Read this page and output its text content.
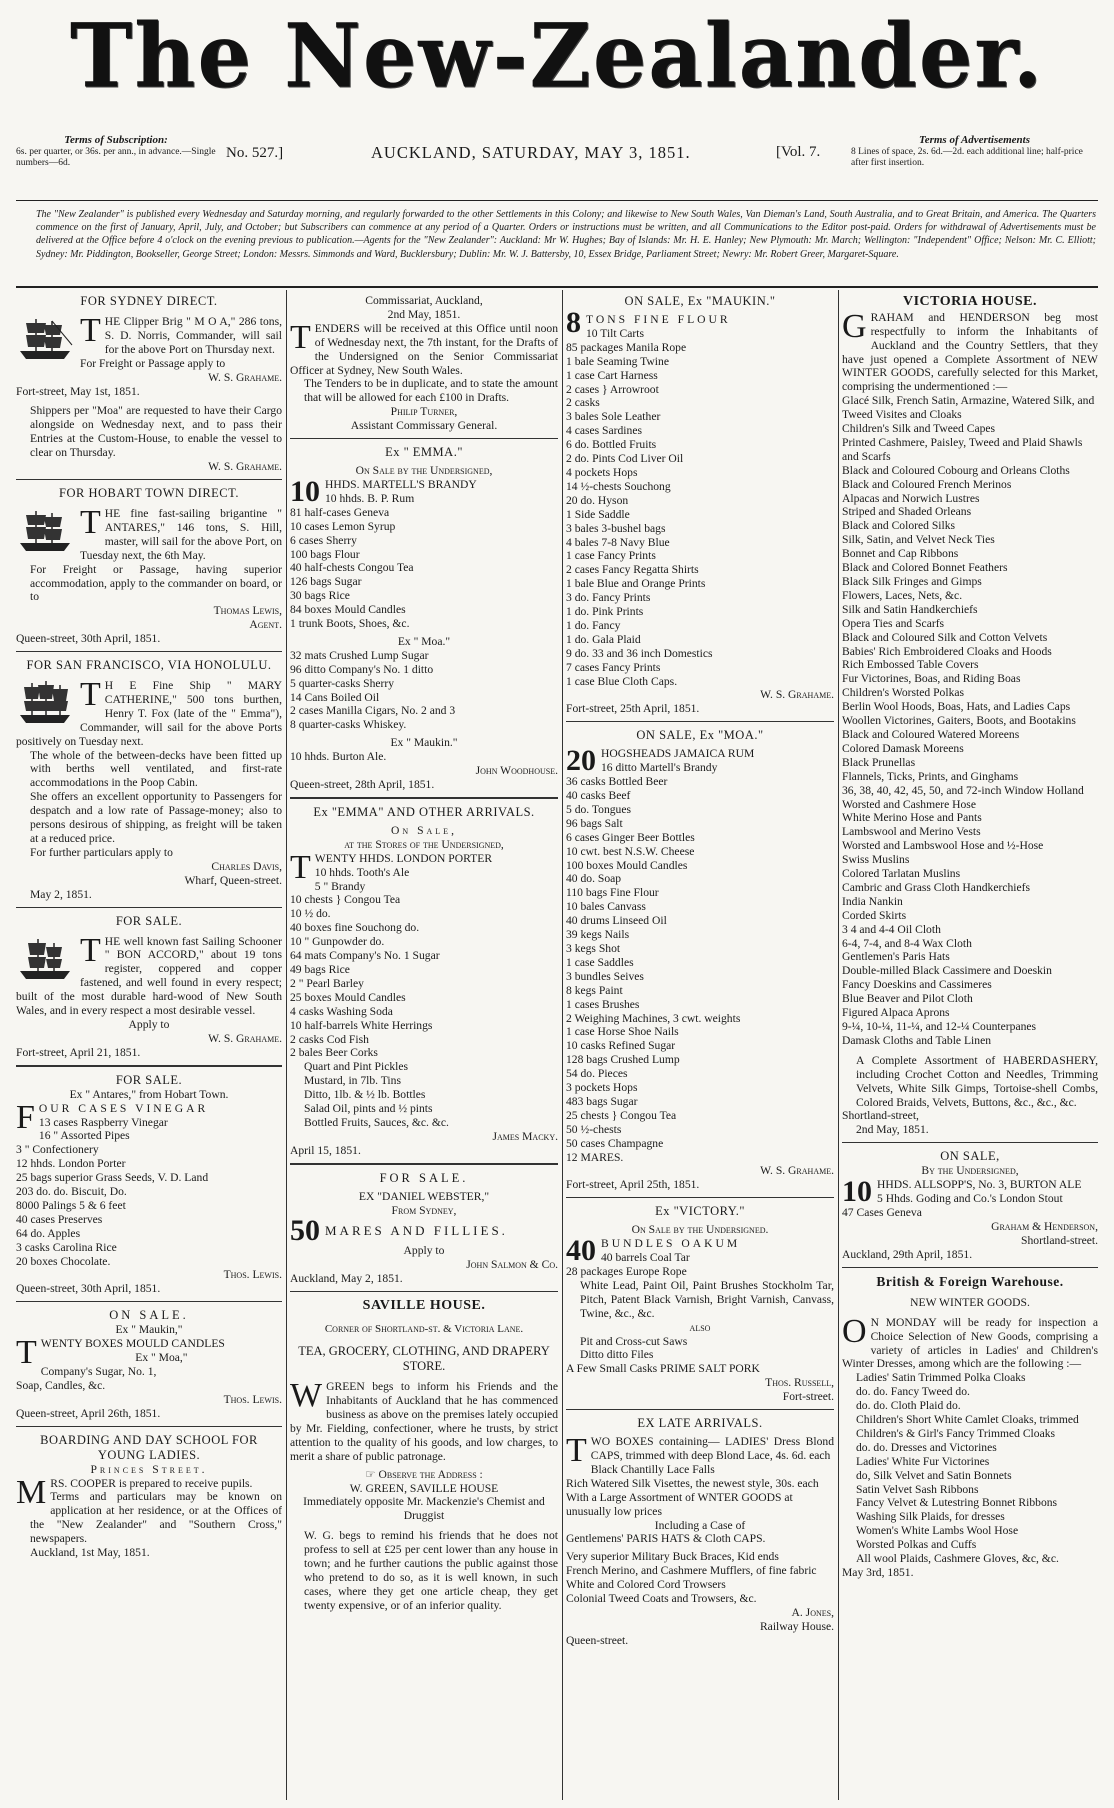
The New-Zealander.
Terms of Subscription:
6s. per quarter, or 36s. per ann., in advance.—Single numbers—6d.
No. 527.]	AUCKLAND, SATURDAY, MAY 3, 1851.	[Vol. 7.
Terms of Advertisements
8 Lines of space, 2s. 6d.—2d. each additional line; half-price after first insertion.
The "New Zealander" is published every Wednesday and Saturday morning, and regularly forwarded to the other Settlements in this Colony; and likewise to New South Wales, Van Dieman's Land, South Australia, and to Great Britain, and America. The Quarters commence on the first of January, April, July, and October; but Subscribers can commence at any period of a Quarter. Orders or instructions must be written, and all Communications to the Editor post-paid. Orders for withdrawal of Advertisements must be delivered at the Office before 4 o'clock on the evening previous to publication.—Agents for the "New Zealander": Auckland: Mr W. Hughes; Bay of Islands: Mr. H. E. Hanley; New Plymouth: Mr. March; Wellington: "Independent" Office; Nelson: Mr. C. Elliott; Sydney: Mr. Piddington, Bookseller, George Street; London: Messrs. Simmonds and Ward, Bucklersbury; Dublin: Mr. W. J. Battersby, 10, Essex Bridge, Parliament Street; Newry: Mr. Robert Greer, Margaret-Square.
FOR SYDNEY DIRECT.
T HE Clipper Brig " M O A," 286 tons, S. D. Norris, Commander, will sail for the above Port on Thursday next.

For Freight or Passage apply to

W. S. Grahame.
Fort-street, May 1st, 1851.

Shippers per "Moa" are requested to have their Cargo alongside on Wednesday next, and to pass their Entries at the Custom-House, to enable the vessel to clear on Thursday.

W. S. Grahame.
FOR HOBART TOWN DIRECT.
T HE fine fast-sailing brigantine " ANTARES," 146 tons, S. Hill, master, will sail for the above Port, on Tuesday next, the 6th May.

For Freight or Passage, having superior accommodation, apply to the commander on board, or to

Thomas Lewis,
Agent.
Queen-street, 30th April, 1851.
FOR SAN FRANCISCO, VIA HONOLULU.
T H E Fine Ship " MARY CATHERINE," 500 tons burthen, Henry T. Fox (late of the " Emma"), Commander, will sail for the above Ports positively on Tuesday next.

The whole of the between-decks have been fitted up with berths well ventilated, and first-rate accommodations in the Poop Cabin.

She offers an excellent opportunity to Passengers for despatch and a low rate of Passage-money; also to persons desirous of shipping, as freight will be taken at a reduced price.

For further particulars apply to

Charles Davis,
Wharf, Queen-street.
May 2, 1851.
FOR SALE.
T HE well known fast Sailing Schooner " BON ACCORD," about 19 tons register, coppered and copper fastened, and well found in every respect; built of the most durable hard-wood of New South Wales, and in every respect a most desirable vessel.

Apply to
W. S. Grahame.
Fort-street, April 21, 1851.
FOR SALE.
Ex " Antares," from Hobart Town.
F OUR CASES VINEGAR
13 cases Raspberry Vinegar
16 " Assorted Pipes
3 " Confectionery
12 hhds. London Porter
25 bags superior Grass Seeds, V. D. Land
203 do. do. Biscuit, Do.
8000 Palings 5 & 6 feet
40 cases Preserves
64 do. Apples
3 casks Carolina Rice
20 boxes Chocolate.
Thos. Lewis.
Queen-street, 30th April, 1851.
ON SALE.
Ex " Maukin,"
T WENTY BOXES MOULD CANDLES
Ex " Moa,"
Company's Sugar, No. 1,
Soap, Candles, &c.
Thos. Lewis.
Queen-street, April 26th, 1851.
BOARDING AND DAY SCHOOL FOR YOUNG LADIES.
Princes Street.
M RS. COOPER is prepared to receive pupils.

Terms and particulars may be known on application at her residence, or at the Offices of the "New Zealander" and "Southern Cross," newspapers.

Auckland, 1st May, 1851.
Commissariat, Auckland,
2nd May, 1851.
T ENDERS will be received at this Office until noon of Wednesday next, the 7th instant, for the Drafts of the Undersigned on the Senior Commissariat Officer at Sydney, New South Wales.

The Tenders to be in duplicate, and to state the amount that will be allowed for each £100 in Drafts.

Philip Turner,
Assistant Commissary General.
Ex " EMMA."
On Sale by the Undersigned,
10 HHDS. MARTELL'S BRANDY
10 hhds. B. P. Rum
81 half-cases Geneva
10 cases Lemon Syrup
6 cases Sherry
100 bags Flour
40 half-chests Congou Tea
126 bags Sugar
30 bags Rice
84 boxes Mould Candles
1 trunk Boots, Shoes, &c.
Ex " Moa."
32 mats Crushed Lump Sugar
96 ditto Company's No. 1 ditto
5 quarter-casks Sherry
14 Cans Boiled Oil
2 cases Manilla Cigars, No. 2 and 3
8 quarter-casks Whiskey.
Ex " Maukin."
10 hhds. Burton Ale.
John Woodhouse.
Queen-street, 28th April, 1851.
Ex "EMMA" AND OTHER ARRIVALS.
On Sale,
at the Stores of the Undersigned,
T WENTY HHDS. LONDON PORTER
10 hhds. Tooth's Ale
5 " Brandy
10 chests } Congou Tea
10 ½ do.
40 boxes fine Souchong do.
10 " Gunpowder do.
64 mats Company's No. 1 Sugar
49 bags Rice
2 " Pearl Barley
25 boxes Mould Candles
4 casks Washing Soda
10 half-barrels White Herrings
2 casks Cod Fish
2 bales Beer Corks
Quart and Pint Pickles
Mustard, in 7lb. Tins
Ditto, 1lb. & ½ lb. Bottles
Salad Oil, pints and ½ pints
Bottled Fruits, Sauces, &c. &c.
James Macky.
April 15, 1851.
FOR SALE.
EX "DANIEL WEBSTER,"
From Sydney,
50 MARES AND FILLIES.
Apply to
John Salmon & Co.
Auckland, May 2, 1851.
SAVILLE HOUSE.
Corner of Shortland-st. & Victoria Lane.
TEA, GROCERY, CLOTHING, AND DRAPERY STORE.
W GREEN begs to inform his Friends and the Inhabitants of Auckland that he has commenced business as above on the premises lately occupied by Mr. Fielding, confectioner, where he trusts, by strict attention to the quality of his goods, and low charges, to merit a share of public patronage.

☞ Observe the Address :
W. GREEN, SAVILLE HOUSE
Immediately opposite Mr. Mackenzie's Chemist and Druggist

W. G. begs to remind his friends that he does not profess to sell at £25 per cent lower than any house in town; and he further cautions the public against those who pretend to do so, as it is well known, in such cases, where they get one article cheap, they get twenty expensive, or of an inferior quality.

ON SALE, Ex "MAUKIN."
8 TONS FINE FLOUR
10 Tilt Carts
85 packages Manila Rope
1 bale Seaming Twine
1 case Cart Harness
2 cases } Arrowroot
2 casks
3 bales Sole Leather
4 cases Sardines
6 do. Bottled Fruits
2 do. Pints Cod Liver Oil
4 pockets Hops
14 ½-chests Souchong
20 do. Hyson
1 Side Saddle
3 bales 3-bushel bags
4 bales 7-8 Navy Blue
1 case Fancy Prints
2 cases Fancy Regatta Shirts
1 bale Blue and Orange Prints
3 do. Fancy Prints
1 do. Pink Prints
1 do. Fancy
1 do. Gala Plaid
9 do. 33 and 36 inch Domestics
7 cases Fancy Prints
1 case Blue Cloth Caps.
W. S. Grahame.
Fort-street, 25th April, 1851.
ON SALE, Ex "MOA."
20 HOGSHEADS JAMAICA RUM
16 ditto Martell's Brandy
36 casks Bottled Beer
40 casks Beef
5 do. Tongues
96 bags Salt
6 cases Ginger Beer Bottles
10 cwt. best N.S.W. Cheese
100 boxes Mould Candles
40 do. Soap
110 bags Fine Flour
10 bales Canvass
40 drums Linseed Oil
39 kegs Nails
3 kegs Shot
1 case Saddles
3 bundles Seives
8 kegs Paint
1 cases Brushes
2 Weighing Machines, 3 cwt. weights
1 case Horse Shoe Nails
10 casks Refined Sugar
128 bags Crushed Lump
54 do. Pieces
3 pockets Hops
483 bags Sugar
25 chests } Congou Tea
50 ½-chests
50 cases Champagne
12 MARES.
W. S. Grahame.
Fort-street, April 25th, 1851.
Ex "VICTORY."
On Sale by the Undersigned.
40 BUNDLES OAKUM
40 barrels Coal Tar
28 packages Europe Rope

White Lead, Paint Oil, Paint Brushes Stockholm Tar, Pitch, Patent Black Varnish, Bright Varnish, Canvass, Twine, &c., &c.

also
Pit and Cross-cut Saws
Ditto ditto Files
A Few Small Casks PRIME SALT PORK
Thos. Russell,
Fort-street.
EX LATE ARRIVALS.
T WO BOXES containing— LADIES' Dress Blond CAPS, trimmed with deep Blond Lace, 4s. 6d. each

Black Chantilly Lace Falls
Rich Watered Silk Visettes, the newest style, 30s. each
With a Large Assortment of WNTER GOODS at unusually low prices
Including a Case of
Gentlemens' PARIS HATS & Cloth CAPS.
Very superior Military Buck Braces, Kid ends
French Merino, and Cashmere Mufflers, of fine fabric
White and Colored Cord Trowsers
Colonial Tweed Coats and Trowsers, &c.
A. Jones,
Railway House.
Queen-street.
VICTORIA HOUSE.
G RAHAM and HENDERSON beg most respectfully to inform the Inhabitants of Auckland and the Country Settlers, that they have just opened a Complete Assortment of NEW WINTER GOODS, carefully selected for this Market, comprising the undermentioned :—

Glacé Silk, French Satin, Armazine, Watered Silk, and Tweed Visites and Cloaks
Children's Silk and Tweed Capes
Printed Cashmere, Paisley, Tweed and Plaid Shawls and Scarfs
Black and Coloured Cobourg and Orleans Cloths
Black and Coloured French Merinos
Alpacas and Norwich Lustres
Striped and Shaded Orleans
Black and Colored Silks
Silk, Satin, and Velvet Neck Ties
Bonnet and Cap Ribbons
Black and Colored Bonnet Feathers
Black Silk Fringes and Gimps
Flowers, Laces, Nets, &c.
Silk and Satin Handkerchiefs
Opera Ties and Scarfs
Black and Coloured Silk and Cotton Velvets
Babies' Rich Embroidered Cloaks and Hoods
Rich Embossed Table Covers
Fur Victorines, Boas, and Riding Boas
Children's Worsted Polkas
Berlin Wool Hoods, Boas, Hats, and Ladies Caps
Woollen Victorines, Gaiters, Boots, and Bootakins
Black and Coloured Watered Moreens
Colored Damask Moreens
Black Prunellas
Flannels, Ticks, Prints, and Ginghams
36, 38, 40, 42, 45, 50, and 72-inch Window Holland
Worsted and Cashmere Hose
White Merino Hose and Pants
Lambswool and Merino Vests
Worsted and Lambswool Hose and ½-Hose
Swiss Muslins
Colored Tarlatan Muslins
Cambric and Grass Cloth Handkerchiefs
India Nankin
Corded Skirts
3 4 and 4-4 Oil Cloth
6-4, 7-4, and 8-4 Wax Cloth
Gentlemen's Paris Hats
Double-milled Black Cassimere and Doeskin
Fancy Doeskins and Cassimeres
Blue Beaver and Pilot Cloth
Figured Alpaca Aprons
9-¼, 10-¼, 11-¼, and 12-¼ Counterpanes
Damask Cloths and Table Linen

A Complete Assortment of HABERDASHERY, including Crochet Cotton and Needles, Trimming Velvets, White Silk Gimps, Tortoise-shell Combs, Colored Braids, Velvets, Buttons, &c., &c., &c.

Shortland-street,
2nd May, 1851.
ON SALE,
By the Undersigned,
10 HHDS. ALLSOPP'S, No. 3, BURTON ALE
5 Hhds. Goding and Co.'s London Stout
47 Cases Geneva
Graham & Henderson,
Shortland-street.
Auckland, 29th April, 1851.
British & Foreign Warehouse.
NEW WINTER GOODS.
O N MONDAY will be ready for inspection a Choice Selection of New Goods, comprising a variety of articles in Ladies' and Children's Winter Dresses, among which are the following :—

Ladies' Satin Trimmed Polka Cloaks
do. do. Fancy Tweed do.
do. do. Cloth Plaid do.
Children's Short White Camlet Cloaks, trimmed
Children's & Girl's Fancy Trimmed Cloaks
do. do. Dresses and Victorines
Ladies' White Fur Victorines
do, Silk Velvet and Satin Bonnets
Satin Velvet Sash Ribbons
Fancy Velvet & Lutestring Bonnet Ribbons
Washing Silk Plaids, for dresses
Women's White Lambs Wool Hose
Worsted Polkas and Cuffs
All wool Plaids, Cashmere Gloves, &c, &c.
May 3rd, 1851.
